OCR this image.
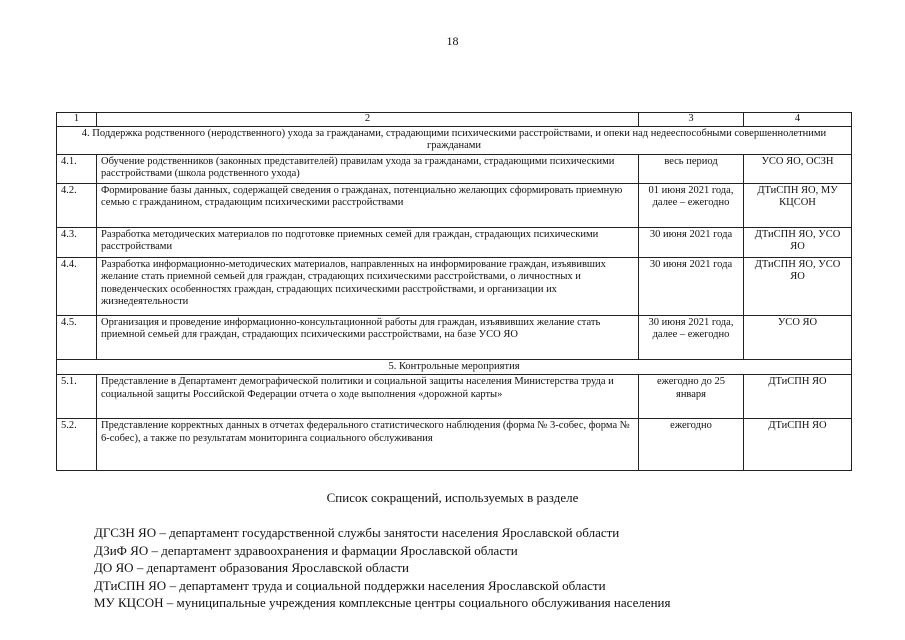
18
1	2	3	4
4. Поддержка родственного (неродственного) ухода за гражданами, страдающими психическими расстройствами, и опеки над недееспособными совершеннолетними гражданами			
4.1.	Обучение родственников (законных представителей) правилам ухода за гражданами, страдающими психическими расстройствами (школа родственного ухода)	весь период	УСО ЯО, ОСЗН
4.2.	Формирование базы данных, содержащей сведения о гражданах, потенциально желающих сформировать приемную семью с гражданином, страдающим психическими расстройствами	01 июня 2021 года, далее – ежегодно	ДТиСПН ЯО, МУ КЦСОН
4.3.	Разработка методических материалов по подготовке приемных семей для граждан, страдающих психическими расстройствами	30 июня 2021 года	ДТиСПН ЯО, УСО ЯО
4.4.	Разработка информационно-методических материалов, направленных на информирование граждан, изъявивших желание стать приемной семьей для граждан, страдающих психическими расстройствами, о личностных и поведенческих особенностях граждан, страдающих психическими расстройствами, и организации их жизнедеятельности	30 июня 2021 года	ДТиСПН ЯО, УСО ЯО
4.5.	Организация и проведение информационно-консультационной работы для граждан, изъявивших желание стать приемной семьей для граждан, страдающих психическими расстройствами, на базе УСО ЯО	30 июня 2021 года, далее – ежегодно	УСО ЯО
5. Контрольные мероприятия			
5.1.	Представление в Департамент демографической политики и социальной защиты населения Министерства труда и социальной защиты Российской Федерации отчета о ходе выполнения «дорожной карты»	ежегодно до 25 января	ДТиСПН ЯО
5.2.	Представление корректных данных в отчетах федерального статистического наблюдения (форма № 3-собес, форма № 6-собес), а также по результатам мониторинга социального обслуживания	ежегодно	ДТиСПН ЯО
Список сокращений, используемых в разделе
ДГСЗН ЯО – департамент государственной службы занятости населения Ярославской области
ДЗиФ ЯО – департамент здравоохранения и фармации Ярославской области
ДО ЯО – департамент образования Ярославской области
ДТиСПН ЯО – департамент труда и социальной поддержки населения Ярославской области
МУ КЦСОН – муниципальные учреждения комплексные центры социального обслуживания населения
